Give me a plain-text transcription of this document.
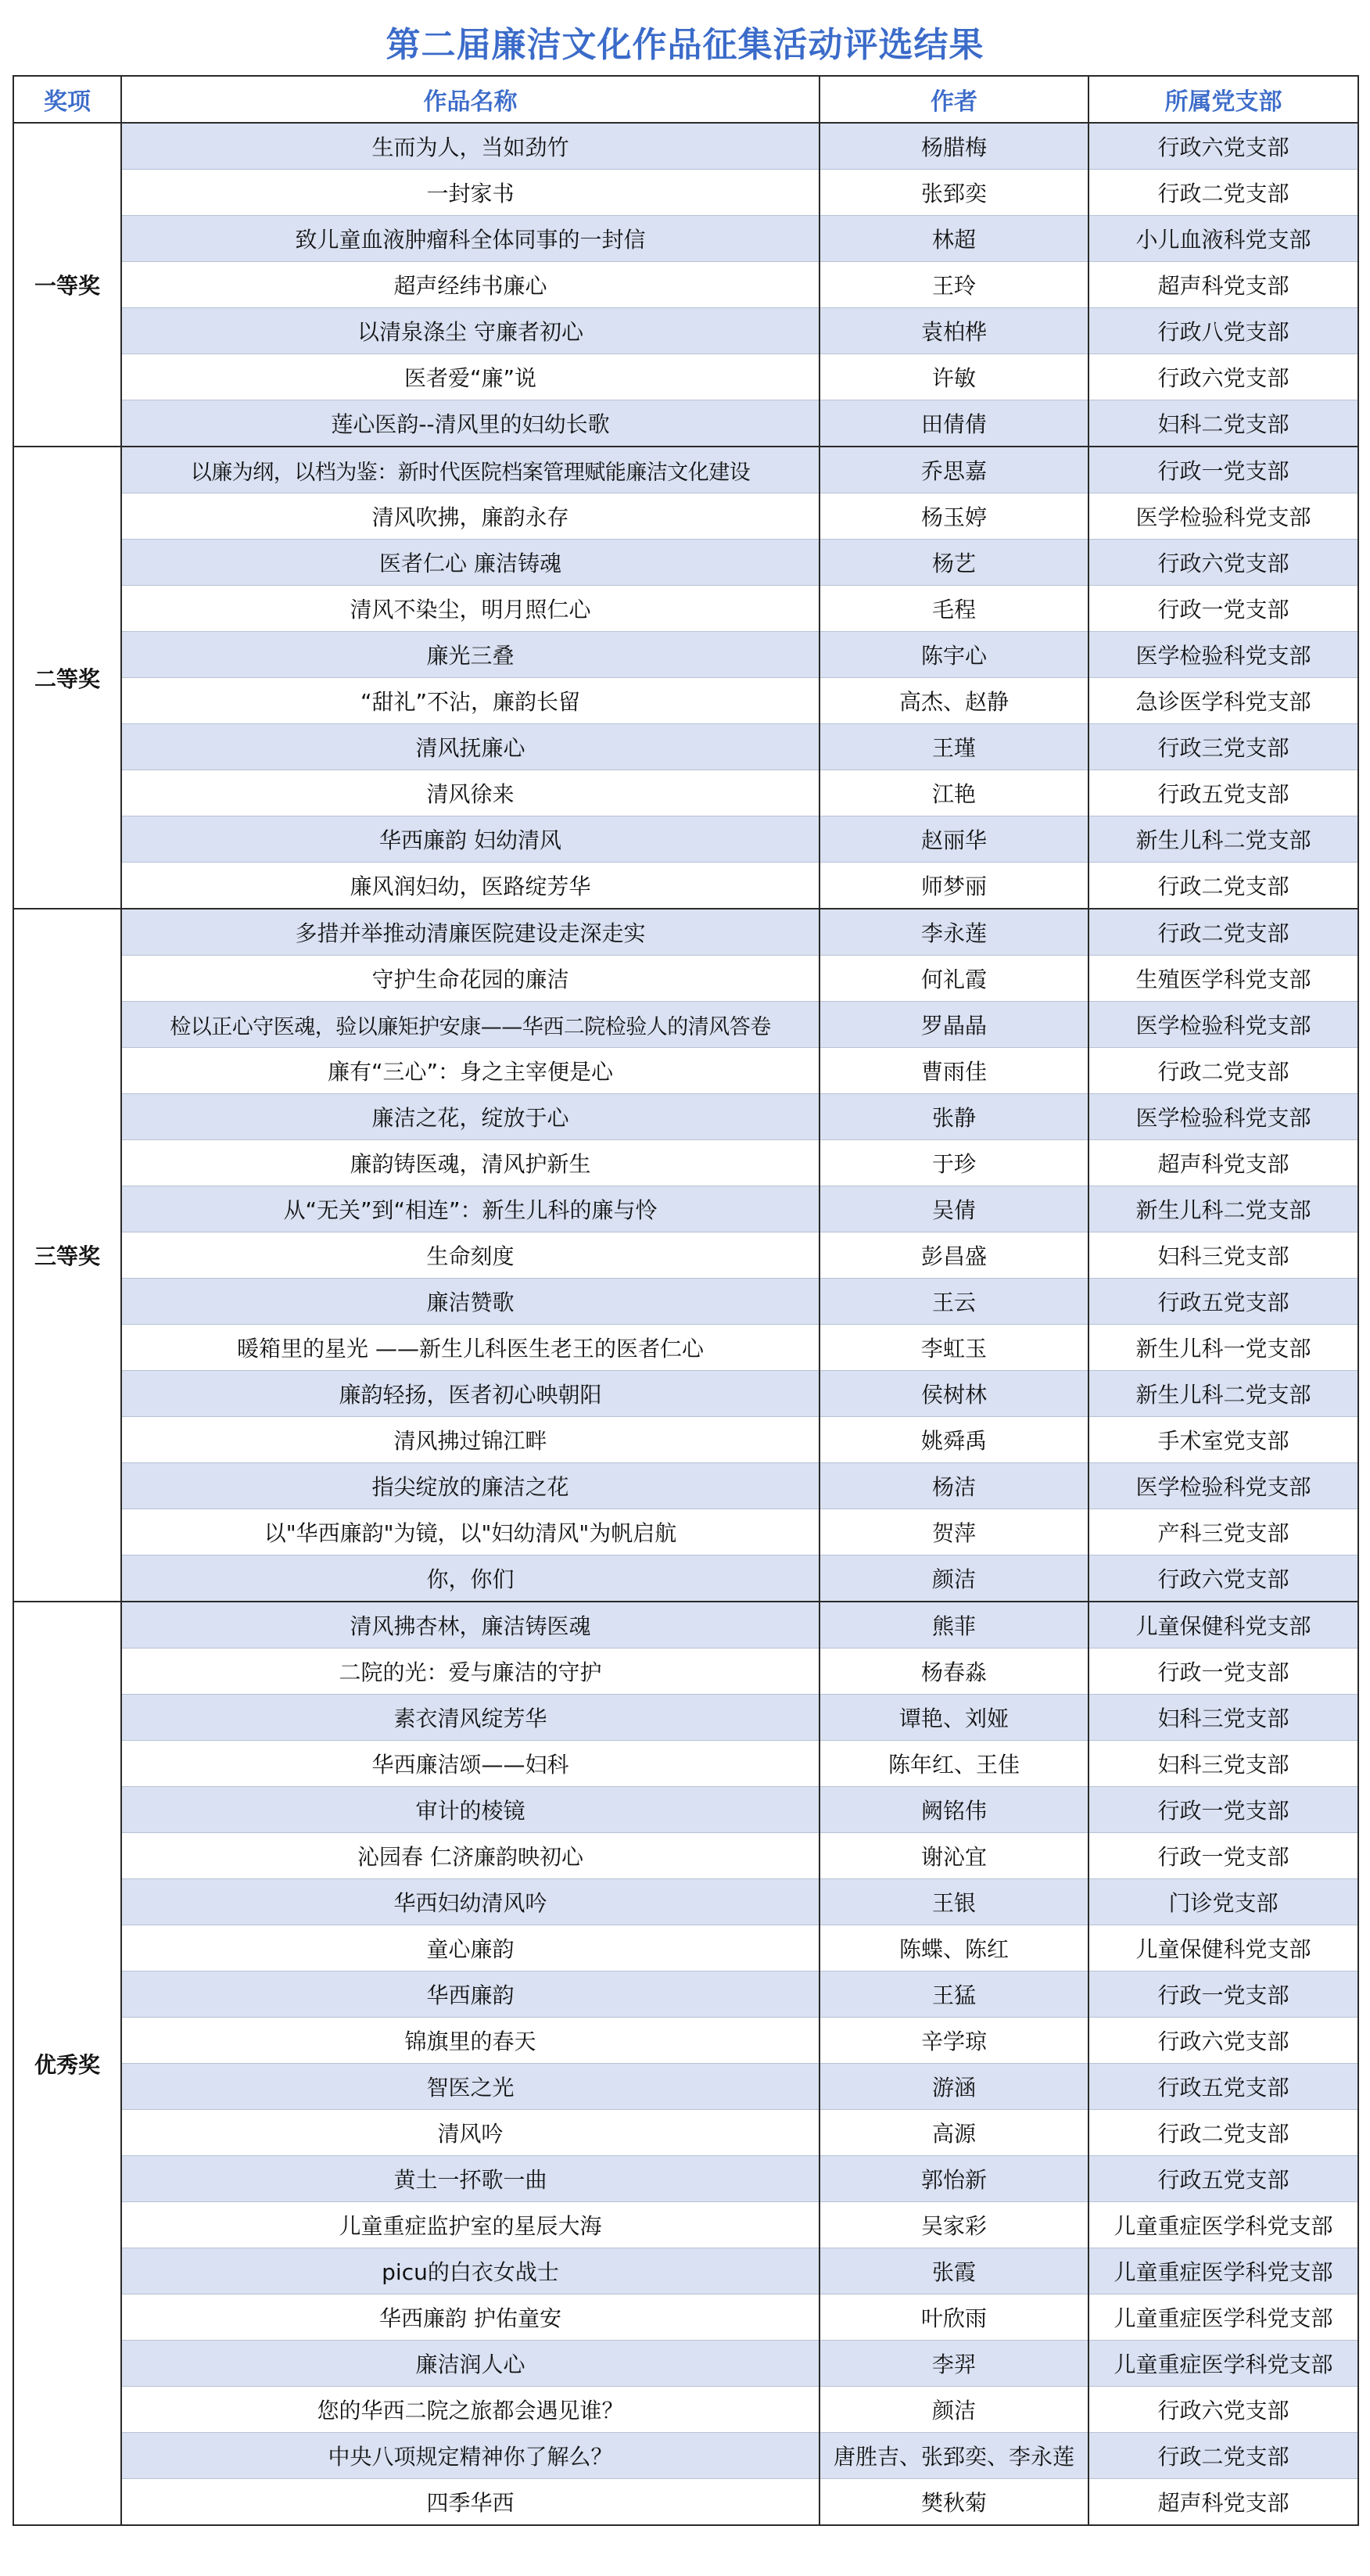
第二届廉洁文化作品征集活动评选结果
奖项	作品名称	作者	所属党支部
一等奖	生而为人，当如劲竹	杨腊梅	行政六党支部
	一封家书	张郅奕	行政二党支部
	致儿童血液肿瘤科全体同事的一封信	林超	小儿血液科党支部
	超声经纬书廉心	王玲	超声科党支部
	以清泉涤尘 守廉者初心	袁柏桦	行政八党支部
	医者爱“廉”说	许敏	行政六党支部
	莲心医韵--清风里的妇幼长歌	田倩倩	妇科二党支部
二等奖	以廉为纲，以档为鉴：新时代医院档案管理赋能廉洁文化建设	乔思嘉	行政一党支部
	清风吹拂，廉韵永存	杨玉婷	医学检验科党支部
	医者仁心 廉洁铸魂	杨艺	行政六党支部
	清风不染尘，明月照仁心	毛程	行政一党支部
	廉光三叠	陈宇心	医学检验科党支部
	“甜礼”不沾，廉韵长留	高杰、赵静	急诊医学科党支部
	清风抚廉心	王瑾	行政三党支部
	清风徐来	江艳	行政五党支部
	华西廉韵 妇幼清风	赵丽华	新生儿科二党支部
	廉风润妇幼，医路绽芳华	师梦丽	行政二党支部
三等奖	多措并举推动清廉医院建设走深走实	李永莲	行政二党支部
	守护生命花园的廉洁	何礼霞	生殖医学科党支部
	检以正心守医魂，验以廉矩护安康——华西二院检验人的清风答卷	罗晶晶	医学检验科党支部
	廉有“三心”：身之主宰便是心	曹雨佳	行政二党支部
	廉洁之花，绽放于心	张静	医学检验科党支部
	廉韵铸医魂，清风护新生	于珍	超声科党支部
	从“无关”到“相连”：新生儿科的廉与怜	吴倩	新生儿科二党支部
	生命刻度	彭昌盛	妇科三党支部
	廉洁赞歌	王云	行政五党支部
	暖箱里的星光 ——新生儿科医生老王的医者仁心	李虹玉	新生儿科一党支部
	廉韵轻扬，医者初心映朝阳	侯树林	新生儿科二党支部
	清风拂过锦江畔	姚舜禹	手术室党支部
	指尖绽放的廉洁之花	杨洁	医学检验科党支部
	以"华西廉韵"为镜，以"妇幼清风"为帆启航	贺萍	产科三党支部
	你，你们	颜洁	行政六党支部
优秀奖	清风拂杏林，廉洁铸医魂	熊菲	儿童保健科党支部
	二院的光：爱与廉洁的守护	杨春淼	行政一党支部
	素衣清风绽芳华	谭艳、刘娅	妇科三党支部
	华西廉洁颂——妇科	陈年红、王佳	妇科三党支部
	审计的棱镜	阙铭伟	行政一党支部
	沁园春 仁济廉韵映初心	谢沁宜	行政一党支部
	华西妇幼清风吟	王银	门诊党支部
	童心廉韵	陈蝶、陈红	儿童保健科党支部
	华西廉韵	王猛	行政一党支部
	锦旗里的春天	辛学琼	行政六党支部
	智医之光	游涵	行政五党支部
	清风吟	高源	行政二党支部
	黄土一抔歌一曲	郭怡新	行政五党支部
	儿童重症监护室的星辰大海	吴家彩	儿童重症医学科党支部
	picu的白衣女战士	张霞	儿童重症医学科党支部
	华西廉韵 护佑童安	叶欣雨	儿童重症医学科党支部
	廉洁润人心	李羿	儿童重症医学科党支部
	您的华西二院之旅都会遇见谁？	颜洁	行政六党支部
	中央八项规定精神你了解么？	唐胜吉、张郅奕、李永莲	行政二党支部
	四季华西	樊秋菊	超声科党支部
